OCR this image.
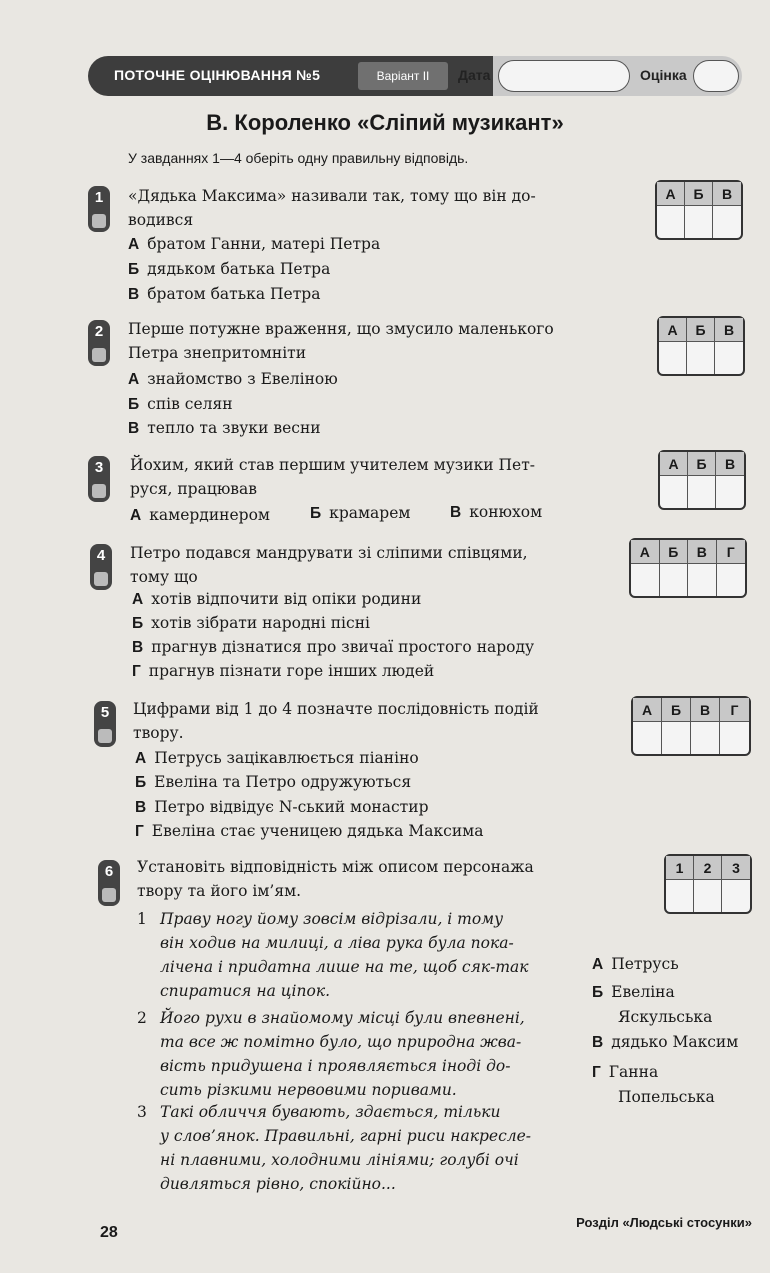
ПОТОЧНЕ ОЦІНЮВАННЯ №5	Варіант ІІ	Дата	Оцінка
В. Короленко «Сліпий музикант»
У завданнях 1—4 оберіть одну правильну відповідь.
1	«Дядька Максима» називали так, тому що він до-
водився
А братом Ганни, матері Петра
Б дядьком батька Петра
В братом батька Петра
А	Б	В
2	Перше потужне враження, що змусило маленького
Петра знепритомніти
А знайомство з Евеліною
Б спів селян
В тепло та звуки весни
А	Б	В
3	Йохим, який став першим учителем музики Пет-
руся, працював
А камердинером	Б крамарем	В конюхом
А	Б	В
4	Петро подався мандрувати зі сліпими співцями,
тому що
А хотів відпочити від опіки родини
Б хотів зібрати народні пісні
В прагнув дізнатися про звичаї простого народу
Г прагнув пізнати горе інших людей
А	Б	В	Г
5	Цифрами від 1 до 4 позначте послідовність подій
твору.
А Петрусь зацікавлюється піаніно
Б Евеліна та Петро одружуються
В Петро відвідує N-ський монастир
Г Евеліна стає ученицею дядька Максима
А	Б	В	Г
6	Установіть відповідність між описом персонажа
твору та його ім’ям.
1	2	3
1 Праву ногу йому зовсім відрізали, і тому
він ходив на милиці, а ліва рука була пока-
лічена і придатна лише на те, щоб сяк-так
спиратися на ціпок.
2 Його рухи в знайомому місці були впевнені,
та все ж помітно було, що природна жва-
вість придушена і проявляється іноді до-
сить різкими нервовими поривами.
3 Такі обличчя бувають, здається, тільки
у слов’янок. Правильні, гарні риси накресле-
ні плавними, холодними лініями; голубі очі
дивляться рівно, спокійно...
А Петрусь
Б Евеліна
Яскульська
В дядько Максим
Г Ганна
Попельська
28
Розділ «Людські стосунки»
